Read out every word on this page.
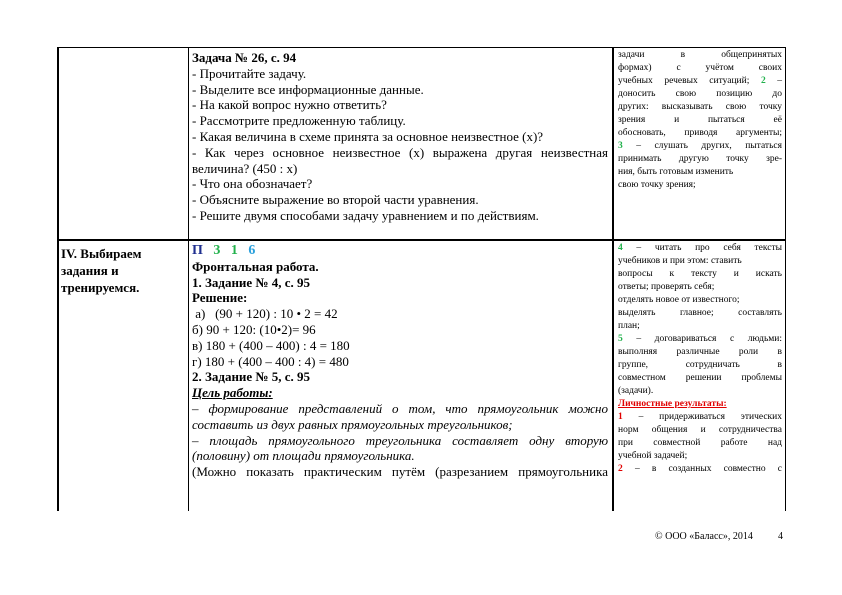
Задача № 26, с. 94
- Прочитайте задачу.
- Выделите все информационные данные.
- На какой вопрос нужно ответить?
- Рассмотрите предложенную таблицу.
- Какая величина в схеме принята за основное неизвестное (х)?
- Как через основное неизвестное (х) выражена другая неизвестная
величина? (450 : х)
- Что она обозначает?
- Объясните выражение во второй части уравнения.
- Решите двумя способами задачу уравнением и по действиям.
задачи в общепринятых
формах) с учётом своих
учебных речевых ситуаций; 2 –
доносить свою позицию до
других: высказывать свою точку
зрения и пытаться её
обосновать, приводя аргументы;
3 – слушать других, пытаться
принимать другую точку зре-
ния, быть готовым изменить
свою точку зрения;
IV. Выбираем
задания и
тренируемся.
П 3 1 6
Фронтальная работа.
1. Задание № 4, с. 95
Решение:
а)   (90 + 120) : 10 • 2 = 42
б) 90 + 120: (10•2)= 96
в) 180 + (400 – 400) : 4 = 180
г) 180 + (400 – 400 : 4) = 480
2. Задание № 5, с. 95
Цель работы:
– формирование представлений о том, что прямоугольник можно
составить из двух равных прямоугольных треугольников;
– площадь прямоугольного треугольника составляет одну вторую
(половину) от площади прямоугольника.
(Можно показать практическим путём (разрезанием прямоугольника
4 – читать про себя тексты
учебников и при этом: ставить
вопросы к тексту и искать
ответы; проверять себя;
отделять новое от известного;
выделять главное; составлять
план;
5 – договариваться с людьми:
выполняя различные роли в
группе, сотрудничать в
совместном решении проблемы
(задачи).
Личностные результаты:
1 – придерживаться этических
норм общения и сотрудничества
при совместной работе над
учебной задачей;
2 – в созданных совместно с
© ООО «Баласс», 2014	4
